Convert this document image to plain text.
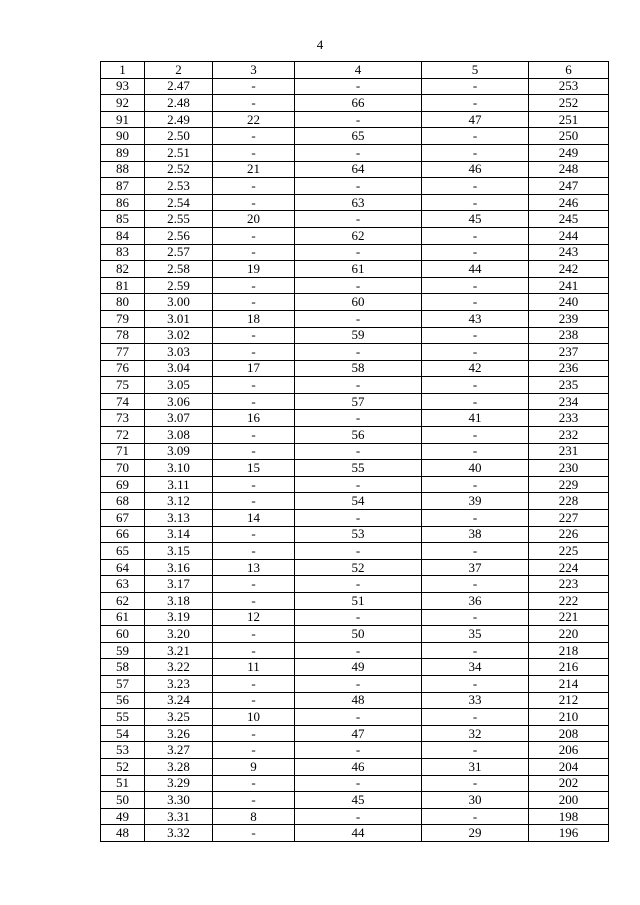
4
1	2	3	4	5	6
93	2.47	-	-	-	253
92	2.48	-	66	-	252
91	2.49	22	-	47	251
90	2.50	-	65	-	250
89	2.51	-	-	-	249
88	2.52	21	64	46	248
87	2.53	-	-	-	247
86	2.54	-	63	-	246
85	2.55	20	-	45	245
84	2.56	-	62	-	244
83	2.57	-	-	-	243
82	2.58	19	61	44	242
81	2.59	-	-	-	241
80	3.00	-	60	-	240
79	3.01	18	-	43	239
78	3.02	-	59	-	238
77	3.03	-	-	-	237
76	3.04	17	58	42	236
75	3.05	-	-	-	235
74	3.06	-	57	-	234
73	3.07	16	-	41	233
72	3.08	-	56	-	232
71	3.09	-	-	-	231
70	3.10	15	55	40	230
69	3.11	-	-	-	229
68	3.12	-	54	39	228
67	3.13	14	-	-	227
66	3.14	-	53	38	226
65	3.15	-	-	-	225
64	3.16	13	52	37	224
63	3.17	-	-	-	223
62	3.18	-	51	36	222
61	3.19	12	-	-	221
60	3.20	-	50	35	220
59	3.21	-	-	-	218
58	3.22	11	49	34	216
57	3.23	-	-	-	214
56	3.24	-	48	33	212
55	3.25	10	-	-	210
54	3.26	-	47	32	208
53	3.27	-	-	-	206
52	3.28	9	46	31	204
51	3.29	-	-	-	202
50	3.30	-	45	30	200
49	3.31	8	-	-	198
48	3.32	-	44	29	196
